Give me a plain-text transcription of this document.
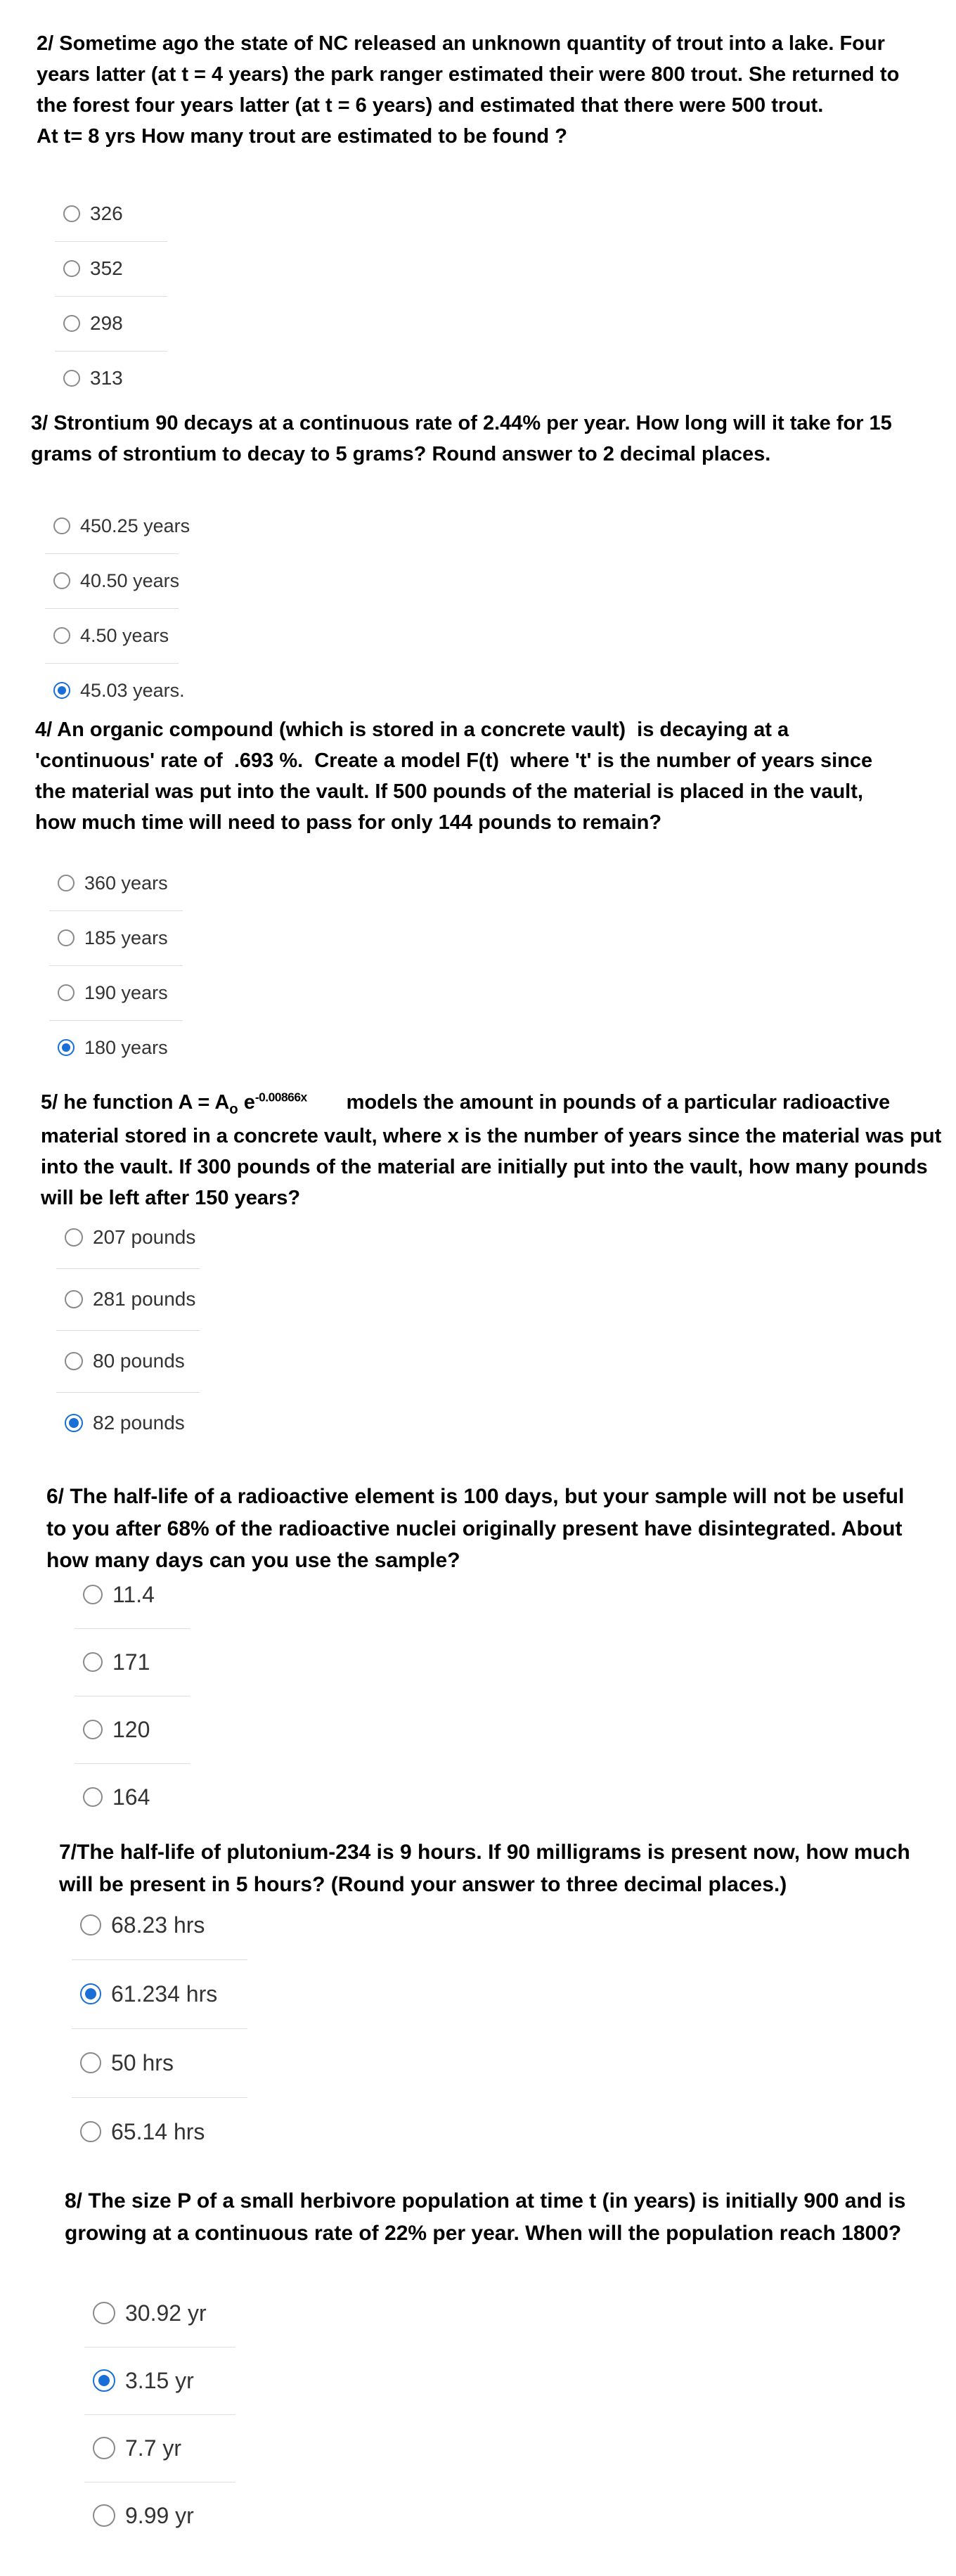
2/ Sometime ago the state of NC released an unknown quantity of trout into a lake. Four years latter (at t = 4 years) the park ranger estimated their were 800 trout. She returned to the forest four years latter (at t = 6 years) and estimated that there were 500 trout.
At t= 8 yrs How many trout are estimated to be found ?
326
352
298
313
3/ Strontium 90 decays at a continuous rate of 2.44% per year. How long will it take for 15 grams of strontium to decay to 5 grams? Round answer to 2 decimal places.
450.25 years
40.50 years
4.50 years
45.03 years.
4/ An organic compound (which is stored in a concrete vault)  is decaying at a 'continuous' rate of  .693 %.  Create a model F(t)  where 't' is the number of years since the material was put into the vault. If 500 pounds of the material is placed in the vault, how much time will need to pass for only 144 pounds to remain?
360 years
185 years
190 years
180 years
5/ he function $A = A_o$ $e^{-0.00866x}$ models the amount in pounds of a particular radioactive material stored in a concrete vault, where x is the number of years since the material was put into the vault. If 300 pounds of the material are initially put into the vault, how many pounds will be left after 150 years?
207 pounds
281 pounds
80 pounds
82 pounds
6/ The half-life of a radioactive element is 100 days, but your sample will not be useful to you after 68% of the radioactive nuclei originally present have disintegrated. About how many days can you use the sample?
11.4
171
120
164
7/The half-life of plutonium-234 is 9 hours. If 90 milligrams is present now, how much will be present in 5 hours? (Round your answer to three decimal places.)
68.23 hrs
61.234 hrs
50 hrs
65.14 hrs
8/ The size P of a small herbivore population at time t (in years) is initially 900 and is growing at a continuous rate of 22% per year. When will the population reach 1800?
30.92 yr
3.15 yr
7.7 yr
9.99 yr
